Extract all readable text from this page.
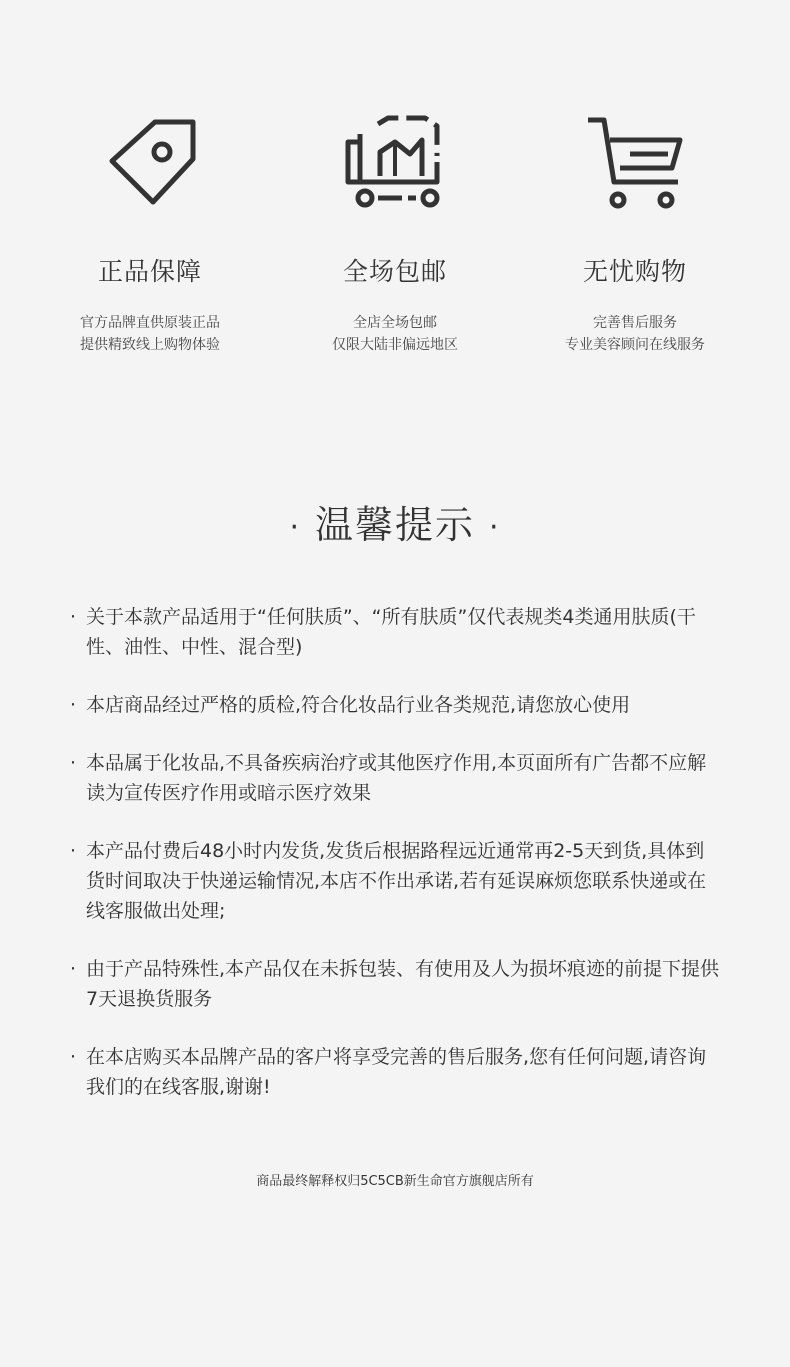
正品保障
官方品牌直供原装正品
提供精致线上购物体验
全场包邮
全店全场包邮
仅限大陆非偏远地区
无忧购物
完善售后服务
专业美容顾问在线服务
· 温馨提示 ·
· 关于本款产品适用于“任何肤质”、“所有肤质”仅代表规类4类通用肤质(干性、油性、中性、混合型)
· 本店商品经过严格的质检,符合化妆品行业各类规范,请您放心使用
· 本品属于化妆品,不具备疾病治疗或其他医疗作用,本页面所有广告都不应解读为宣传医疗作用或暗示医疗效果
· 本产品付费后48小时内发货,发货后根据路程远近通常再2-5天到货,具体到货时间取决于快递运输情况,本店不作出承诺,若有延误麻烦您联系快递或在线客服做出处理;
· 由于产品特殊性,本产品仅在未拆包装、有使用及人为损坏痕迹的前提下提供7天退换货服务
· 在本店购买本品牌产品的客户将享受完善的售后服务,您有任何问题,请咨询我们的在线客服,谢谢!
商品最终解释权归5C5CB新生命官方旗舰店所有
